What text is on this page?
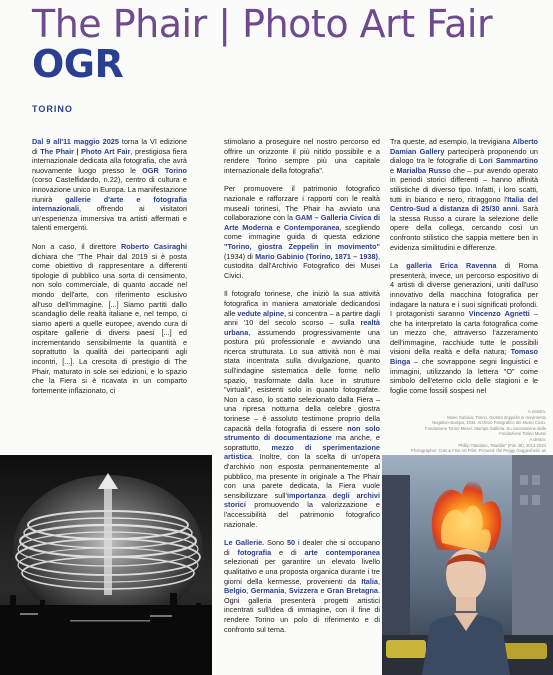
The Phair | Photo Art Fair
OGR
TORINO

Dal 9 all'11 maggio 2025 torna la VI edizione di The Phair | Photo Art Fair, prestigiosa fiera internazionale dedicata alla fotografia, che avrà nuovamente luogo presso le OGR Torino (corso Castelfidardo, n.22), centro di cultura e innovazione unico in Europa. La manifestazione riunirà gallerie d'arte e fotografia internazionali, offrendo ai visitatori un'esperienza immersiva tra artisti affermati e talenti emergenti.

Non a caso, il direttore Roberto Casiraghi dichiara che "The Phair dal 2019 si è posta come obiettivo di rappresentare a differenti tipologie di pubblico una sorta di censimento, non solo commerciale, di quanto accade nel mondo dell'arte, con riferimento esclusivo all'uso dell'immagine. [...] Siamo partiti dallo scandaglio delle realtà italiane e, nel tempo, ci siamo aperti a quelle europee, avendo cura di ospitare gallerie di diversi paesi [...] ed incrementando sensibilmente la quantità e soprattutto la qualità dei partecipanti agli incontri, [...]. La crescita di prestigio di The Phair, maturato in sole sei edizioni, e lo spazio che la Fiera si è ricavata in un comparto fortemente inflazionato, ci

stimolano a proseguire nel nostro percorso ed offrire un orizzonte il più nitido possibile e a rendere Torino sempre più una capitale internazionale della fotografia".

Per promuovere il patrimonio fotografico nazionale e rafforzare i rapporti con le realtà museali torinesi, The Phair ha avviato una collaborazione con la GAM – Galleria Civica di Arte Moderna e Contemporanea, scegliendo come immagine guida di questa edizione "Torino, giostra Zeppelin in movimento" (1934) di Mario Gabinio (Torino, 1871 – 1938), custodita dall'Archivio Fotografico dei Musei Civici.

Il fotografo torinese, che iniziò la sua attività fotografica in maniera amatoriale dedicandosi alle vedute alpine, si concentra – a partire dagli anni '10 del secolo scorso – sulla realtà urbana, assumendo progressivamente una postura più professionale e avviando una ricerca strutturata. Lo sua attività non è mai stata incentrata sulla divulgazione, quanto sull'indagine sistematica delle forme nello spazio, trasformate dalla luce in strutture "virtuali", esistenti solo in quanto fotografate. Non a caso, lo scatto selezionato dalla Fiera – una ripresa notturna della celebre giostra torinese – è assoluto testimone proprio della capacità della fotografia di essere non solo strumento di documentazione ma anche, e soprattutto, mezzo di sperimentazione artistica. Inoltre, con la scelta di un'opera d'archivio non esposta permanentemente al pubblico, ma presente in originale a The Phair con una parete dedicata, la Fiera vuole sensibilizzare sull'importanza degli archivi storici promuovendo la valorizzazione e l'accessibilità del patrimonio fotografico nazionale.

Le Gallerie. Sono 50 i dealer che si occupano di fotografia e di arte contemporanea selezionati per garantire un elevato livello qualitativo e una proposta organica durante i tre giorni della kermesse, provenienti da Italia, Belgio, Germania, Svizzera e Gran Bretagna. Ogni galleria presenterà progetti artistici incentrati sull'idea di immagine, con il fine di rendere Torino un polo di riferimento e di confronto sul tema.

Tra queste, ad esempio, la trevigiana Alberto Damian Gallery parteciperà proponendo un dialogo tra le fotografie di Lori Sammartino e Marialba Russo che – pur avendo operato in periodi storici differenti – hanno affinità stilistiche di diverso tipo. Infatti, i loro scatti, tutti in bianco e nero, ritraggono l'Italia del Centro-Sud a distanza di 25/30 anni. Sarà la stessa Russo a curare la selezione delle opere della collega, cercando così un confronto stilistico che sappia mettere ben in evidenza similitudini e differenze.

La galleria Erica Ravenna di Roma presenterà, invece, un percorso espositivo di 4 artisti di diverse generazioni, uniti dall'uso innovativo della macchina fotografica per indagare la natura e i suoi significati profondi. I protagonisti saranno Vincenzo Agnetti – che ha interpretato la carta fotografica come un mezzo che, attraverso l'azzeramento dell'immagine, racchiude tutte le possibili visioni della realtà e della natura; Tomaso Binga – che sovrappone segni linguistici e immagini, utilizzando la lettera "O" come simbolo dell'eterno ciclo delle stagioni e le foglie come fossili sospesi nel

A sinistra:
Mario Gabinio, Torino. Giostra Zeppelin in movimento
Negativo-stampa, 1934. Archivio Fotografico dei Musei Civici.
Fondazione Torino Musei. Stampa Galleria. Su concessione della
Fondazione Torino Musei
A destra:
Phillip Toledano, "Maddie" (Fire 39), 2013-2024
Photographer, Cuts & Fine Art Print. Pictured: the Peggy Guggenheim as
